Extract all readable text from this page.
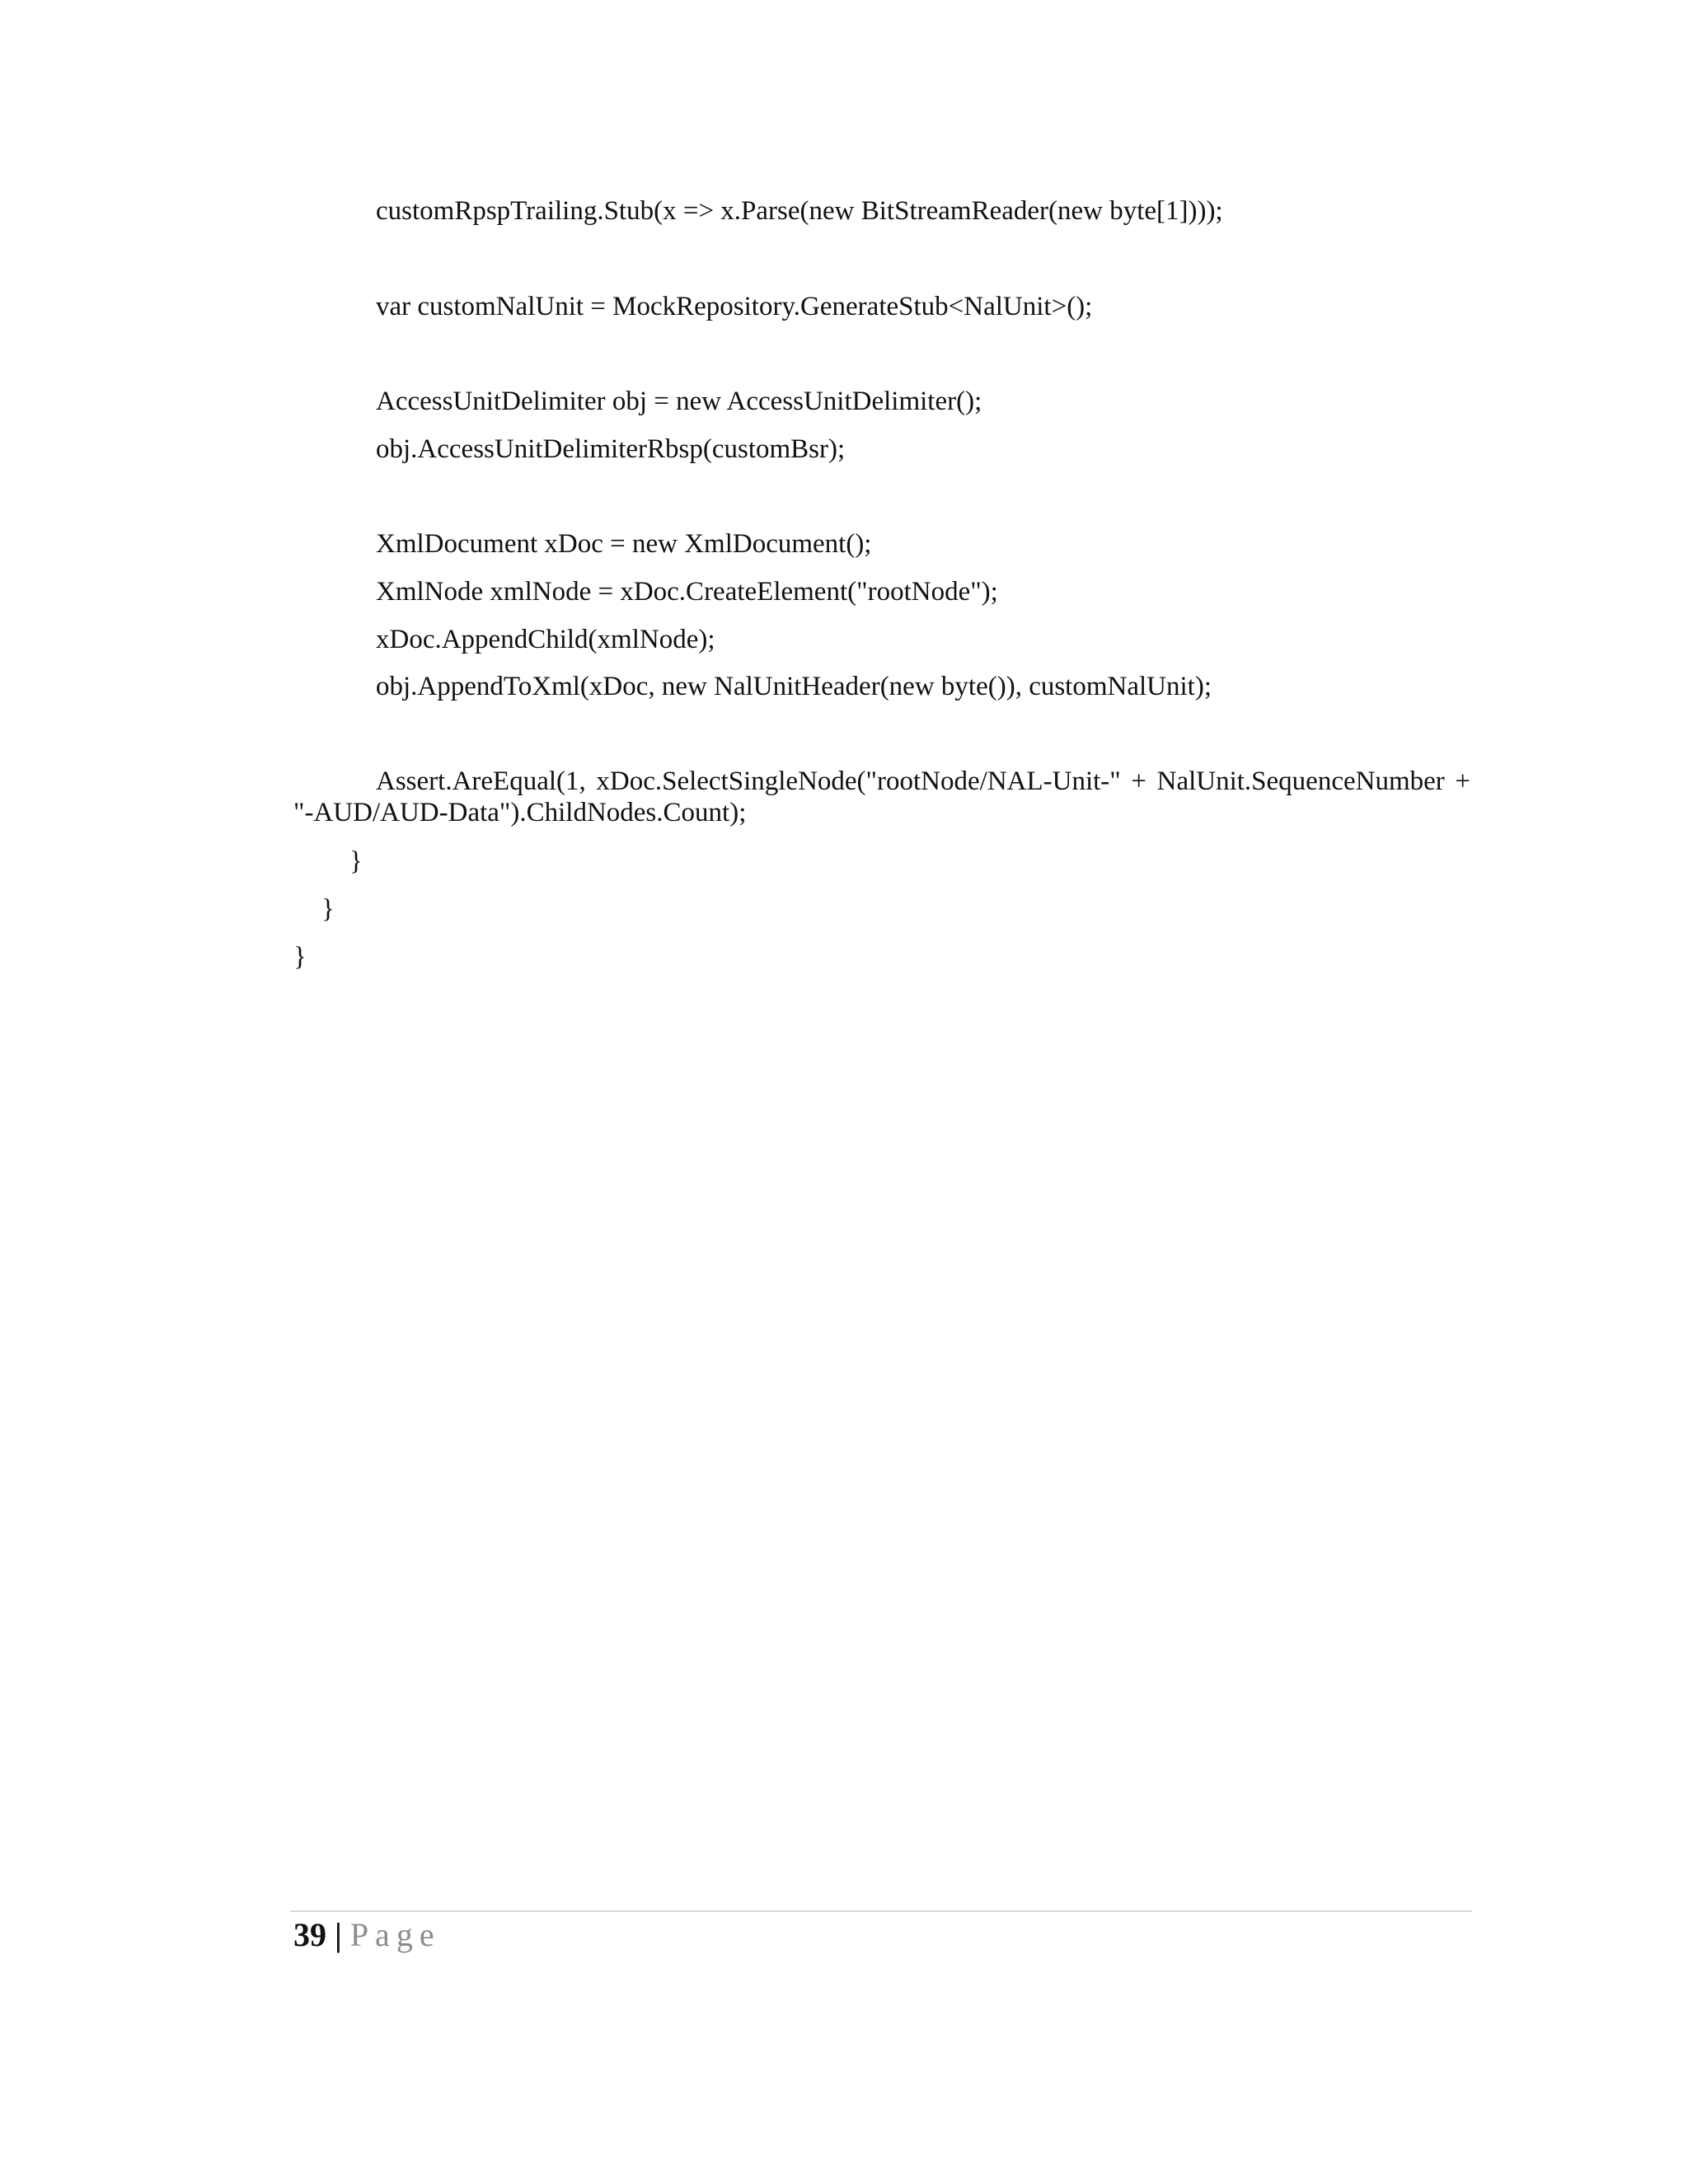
customRpspTrailing.Stub(x => x.Parse(new BitStreamReader(new byte[1])));
var customNalUnit = MockRepository.GenerateStub<NalUnit>();
AccessUnitDelimiter obj = new AccessUnitDelimiter();
obj.AccessUnitDelimiterRbsp(customBsr);
XmlDocument xDoc = new XmlDocument();
XmlNode xmlNode = xDoc.CreateElement("rootNode");
xDoc.AppendChild(xmlNode);
obj.AppendToXml(xDoc, new NalUnitHeader(new byte()), customNalUnit);
Assert.AreEqual(1, xDoc.SelectSingleNode("rootNode/NAL-Unit-" + NalUnit.SequenceNumber + "-AUD/AUD-Data").ChildNodes.Count);
}
}
}
39 | Page
